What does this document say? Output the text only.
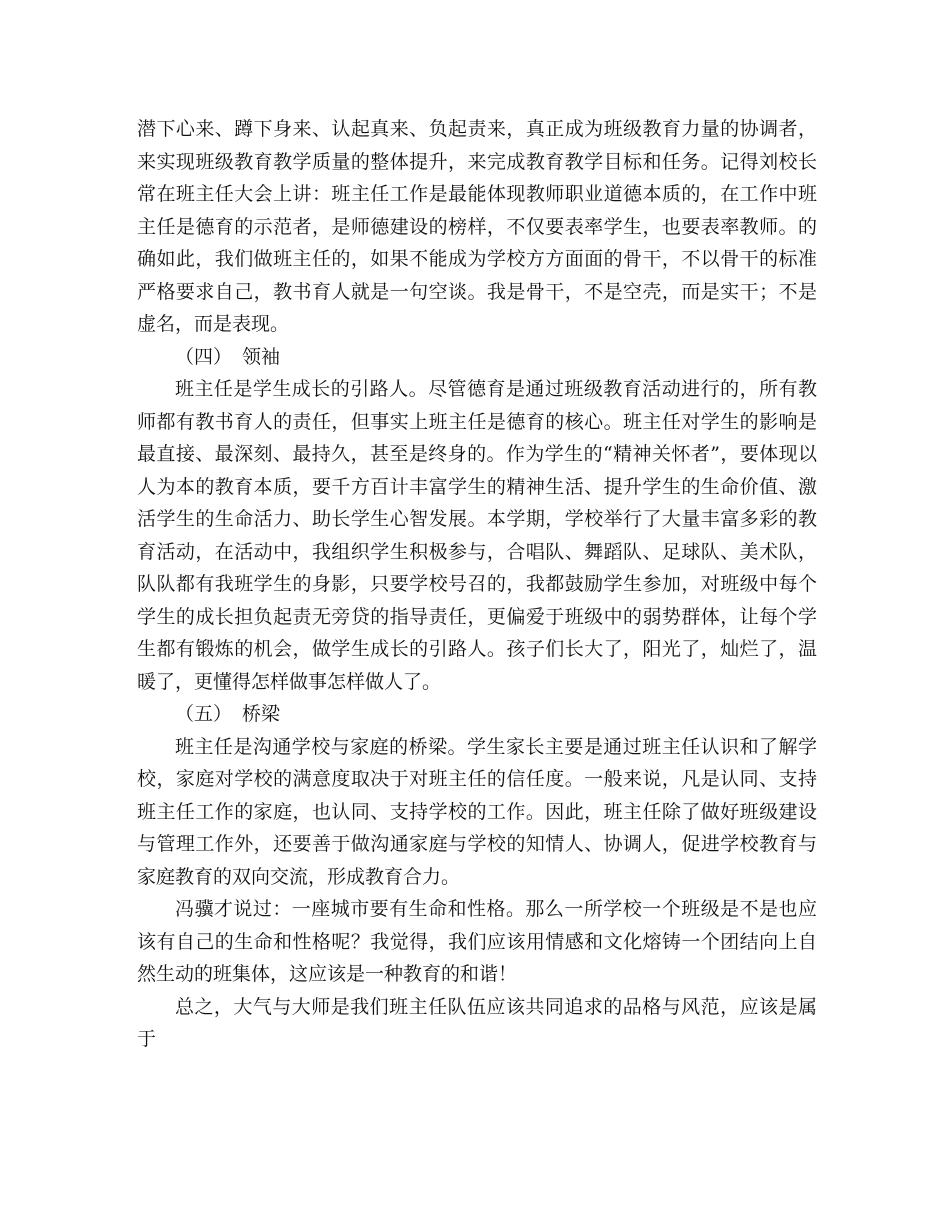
潜下心来、蹲下身来、认起真来、负起责来，真正成为班级教育力量的协调者，来实现班级教育教学质量的整体提升，来完成教育教学目标和任务。记得刘校长常在班主任大会上讲：班主任工作是最能体现教师职业道德本质的，在工作中班主任是德育的示范者，是师德建设的榜样，不仅要表率学生，也要表率教师。的确如此，我们做班主任的，如果不能成为学校方方面面的骨干，不以骨干的标准严格要求自己，教书育人就是一句空谈。我是骨干，不是空壳，而是实干；不是虚名，而是表现。

（四） 领袖

班主任是学生成长的引路人。尽管德育是通过班级教育活动进行的，所有教师都有教书育人的责任，但事实上班主任是德育的核心。班主任对学生的影响是最直接、最深刻、最持久，甚至是终身的。作为学生的“精神关怀者”，要体现以人为本的教育本质，要千方百计丰富学生的精神生活、提升学生的生命价值、激活学生的生命活力、助长学生心智发展。本学期，学校举行了大量丰富多彩的教育活动，在活动中，我组织学生积极参与，合唱队、舞蹈队、足球队、美术队，队队都有我班学生的身影，只要学校号召的，我都鼓励学生参加，对班级中每个学生的成长担负起责无旁贷的指导责任，更偏爱于班级中的弱势群体，让每个学生都有锻炼的机会，做学生成长的引路人。孩子们长大了，阳光了，灿烂了，温暖了，更懂得怎样做事怎样做人了。

（五） 桥梁

班主任是沟通学校与家庭的桥梁。学生家长主要是通过班主任认识和了解学校，家庭对学校的满意度取决于对班主任的信任度。一般来说，凡是认同、支持班主任工作的家庭，也认同、支持学校的工作。因此，班主任除了做好班级建设与管理工作外，还要善于做沟通家庭与学校的知情人、协调人，促进学校教育与家庭教育的双向交流，形成教育合力。

冯骥才说过：一座城市要有生命和性格。那么一所学校一个班级是不是也应该有自己的生命和性格呢？我觉得，我们应该用情感和文化熔铸一个团结向上自然生动的班集体，这应该是一种教育的和谐！

总之，大气与大师是我们班主任队伍应该共同追求的品格与风范，应该是属于
